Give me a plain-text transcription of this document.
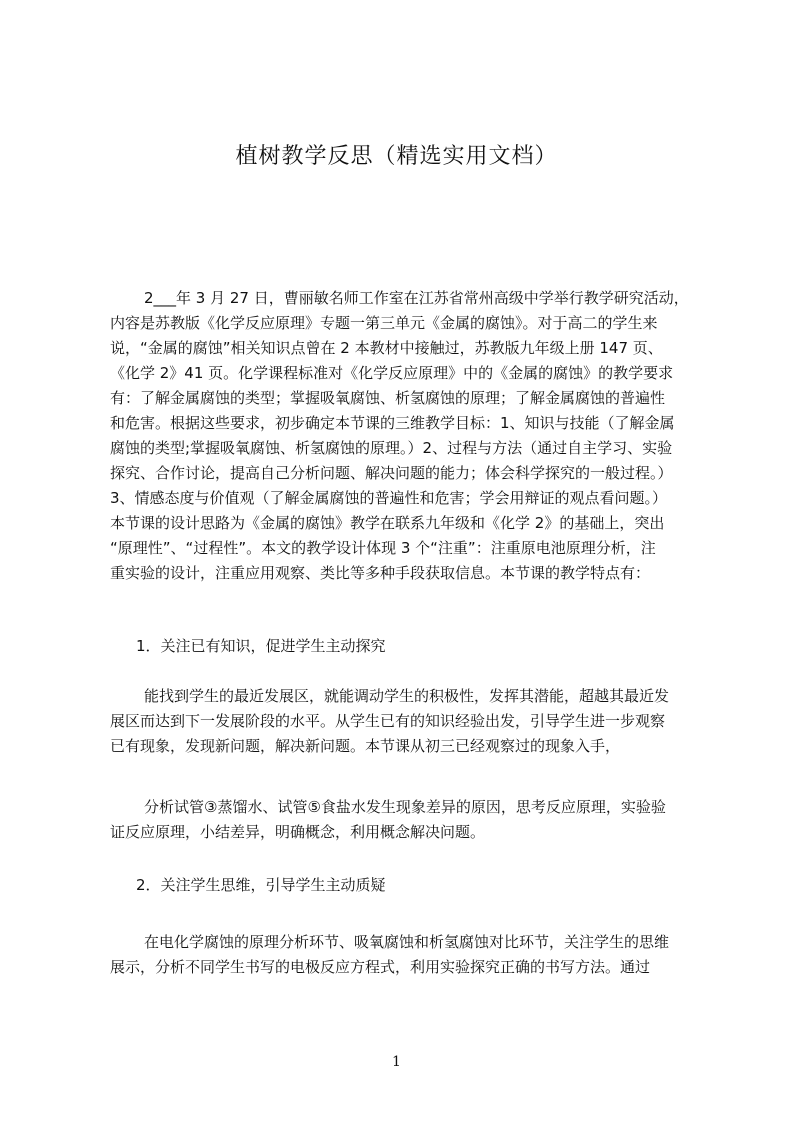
植树教学反思（精选实用文档）
2___年 3 月 27 日，曹丽敏名师工作室在江苏省常州高级中学举行教学研究活动，
内容是苏教版《化学反应原理》专题一第三单元《金属的腐蚀》。对于高二的学生来
说，“金属的腐蚀”相关知识点曾在 2 本教材中接触过，苏教版九年级上册 147 页、
《化学 2》41 页。化学课程标准对《化学反应原理》中的《金属的腐蚀》的教学要求
有：了解金属腐蚀的类型；掌握吸氧腐蚀、析氢腐蚀的原理；了解金属腐蚀的普遍性
和危害。根据这些要求，初步确定本节课的三维教学目标：1、知识与技能（了解金属
腐蚀的类型;掌握吸氧腐蚀、析氢腐蚀的原理。）2、过程与方法（通过自主学习、实验
探究、合作讨论，提高自己分析问题、解决问题的能力；体会科学探究的一般过程。）
3、情感态度与价值观（了解金属腐蚀的普遍性和危害；学会用辩证的观点看问题。）
本节课的设计思路为《金属的腐蚀》教学在联系九年级和《化学 2》的基础上，突出
“原理性”、“过程性”。本文的教学设计体现 3 个“注重”：注重原电池原理分析，注
重实验的设计，注重应用观察、类比等多种手段获取信息。本节课的教学特点有：
1．关注已有知识，促进学生主动探究
能找到学生的最近发展区，就能调动学生的积极性，发挥其潜能，超越其最近发
展区而达到下一发展阶段的水平。从学生已有的知识经验出发，引导学生进一步观察
已有现象，发现新问题，解决新问题。本节课从初三已经观察过的现象入手，
分析试管③蒸馏水、试管⑤食盐水发生现象差异的原因，思考反应原理，实验验
证反应原理，小结差异，明确概念，利用概念解决问题。
2．关注学生思维，引导学生主动质疑
在电化学腐蚀的原理分析环节、吸氧腐蚀和析氢腐蚀对比环节，关注学生的思维
展示，分析不同学生书写的电极反应方程式，利用实验探究正确的书写方法。通过
1
